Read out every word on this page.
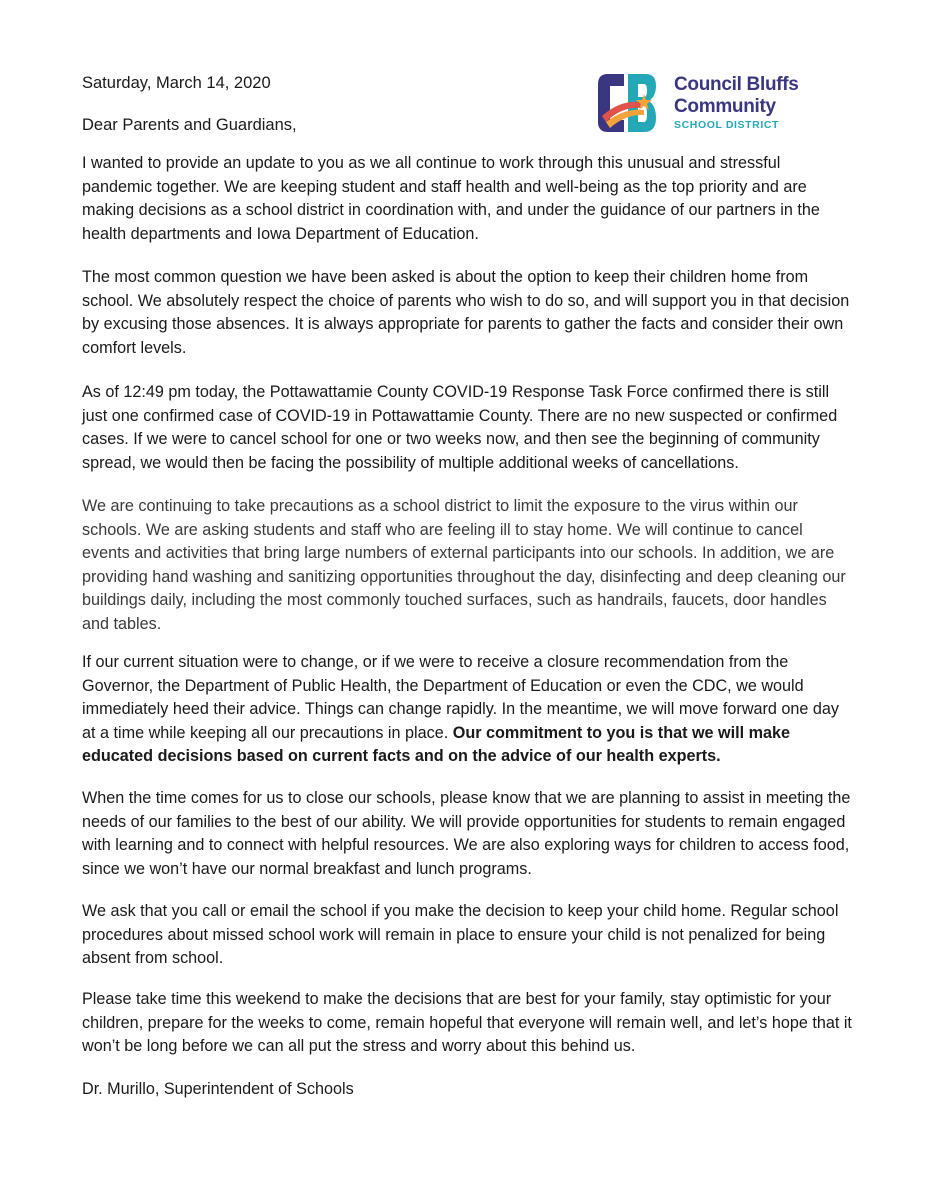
Saturday, March 14, 2020
Dear Parents and Guardians,
Council Bluffs
Community
SCHOOL DISTRICT

I wanted to provide an update to you as we all continue to work through this unusual and stressful pandemic together. We are keeping student and staff health and well-being as the top priority and are making decisions as a school district in coordination with, and under the guidance of our partners in the health departments and Iowa Department of Education.

The most common question we have been asked is about the option to keep their children home from school. We absolutely respect the choice of parents who wish to do so, and will support you in that decision by excusing those absences. It is always appropriate for parents to gather the facts and consider their own comfort levels.

As of 12:49 pm today, the Pottawattamie County COVID-19 Response Task Force confirmed there is still just one confirmed case of COVID-19 in Pottawattamie County. There are no new suspected or confirmed cases. If we were to cancel school for one or two weeks now, and then see the beginning of community spread, we would then be facing the possibility of multiple additional weeks of cancellations.

We are continuing to take precautions as a school district to limit the exposure to the virus within our schools. We are asking students and staff who are feeling ill to stay home. We will continue to cancel events and activities that bring large numbers of external participants into our schools. In addition, we are providing hand washing and sanitizing opportunities throughout the day, disinfecting and deep cleaning our buildings daily, including the most commonly touched surfaces, such as handrails, faucets, door handles and tables.

If our current situation were to change, or if we were to receive a closure recommendation from the Governor, the Department of Public Health, the Department of Education or even the CDC, we would immediately heed their advice. Things can change rapidly. In the meantime, we will move forward one day at a time while keeping all our precautions in place. Our commitment to you is that we will make educated decisions based on current facts and on the advice of our health experts.

When the time comes for us to close our schools, please know that we are planning to assist in meeting the needs of our families to the best of our ability. We will provide opportunities for students to remain engaged with learning and to connect with helpful resources. We are also exploring ways for children to access food, since we won’t have our normal breakfast and lunch programs.

We ask that you call or email the school if you make the decision to keep your child home. Regular school procedures about missed school work will remain in place to ensure your child is not penalized for being absent from school.

Please take time this weekend to make the decisions that are best for your family, stay optimistic for your children, prepare for the weeks to come, remain hopeful that everyone will remain well, and let’s hope that it won’t be long before we can all put the stress and worry about this behind us.

Dr. Murillo, Superintendent of Schools
